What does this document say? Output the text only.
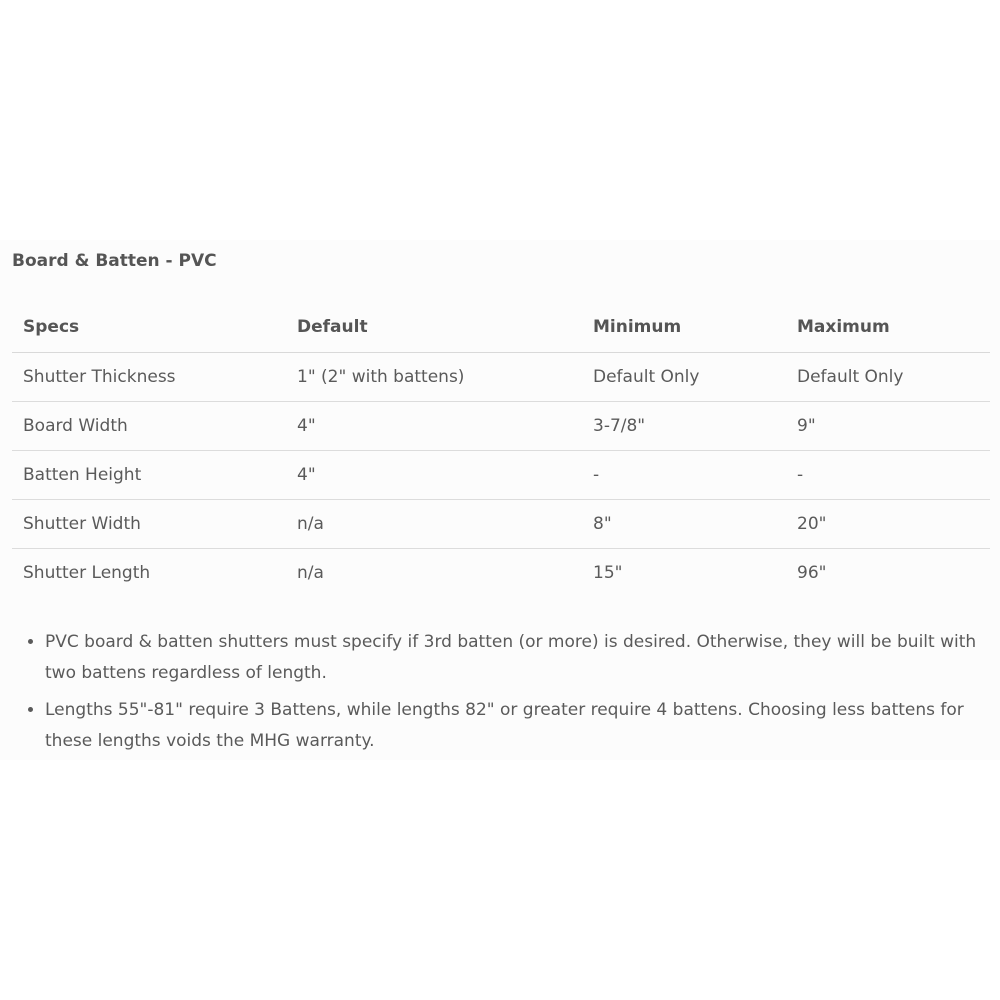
Board & Batten - PVC
Specs	Default	Minimum	Maximum
Shutter Thickness	1" (2" with battens)	Default Only	Default Only
Board Width	4"	3-7/8"	9"
Batten Height	4"	-	-
Shutter Width	n/a	8"	20"
Shutter Length	n/a	15"	96"
• PVC board & batten shutters must specify if 3rd batten (or more) is desired. Otherwise, they will be built with two battens regardless of length.
• Lengths 55"-81" require 3 Battens, while lengths 82" or greater require 4 battens. Choosing less battens for these lengths voids the MHG warranty.
